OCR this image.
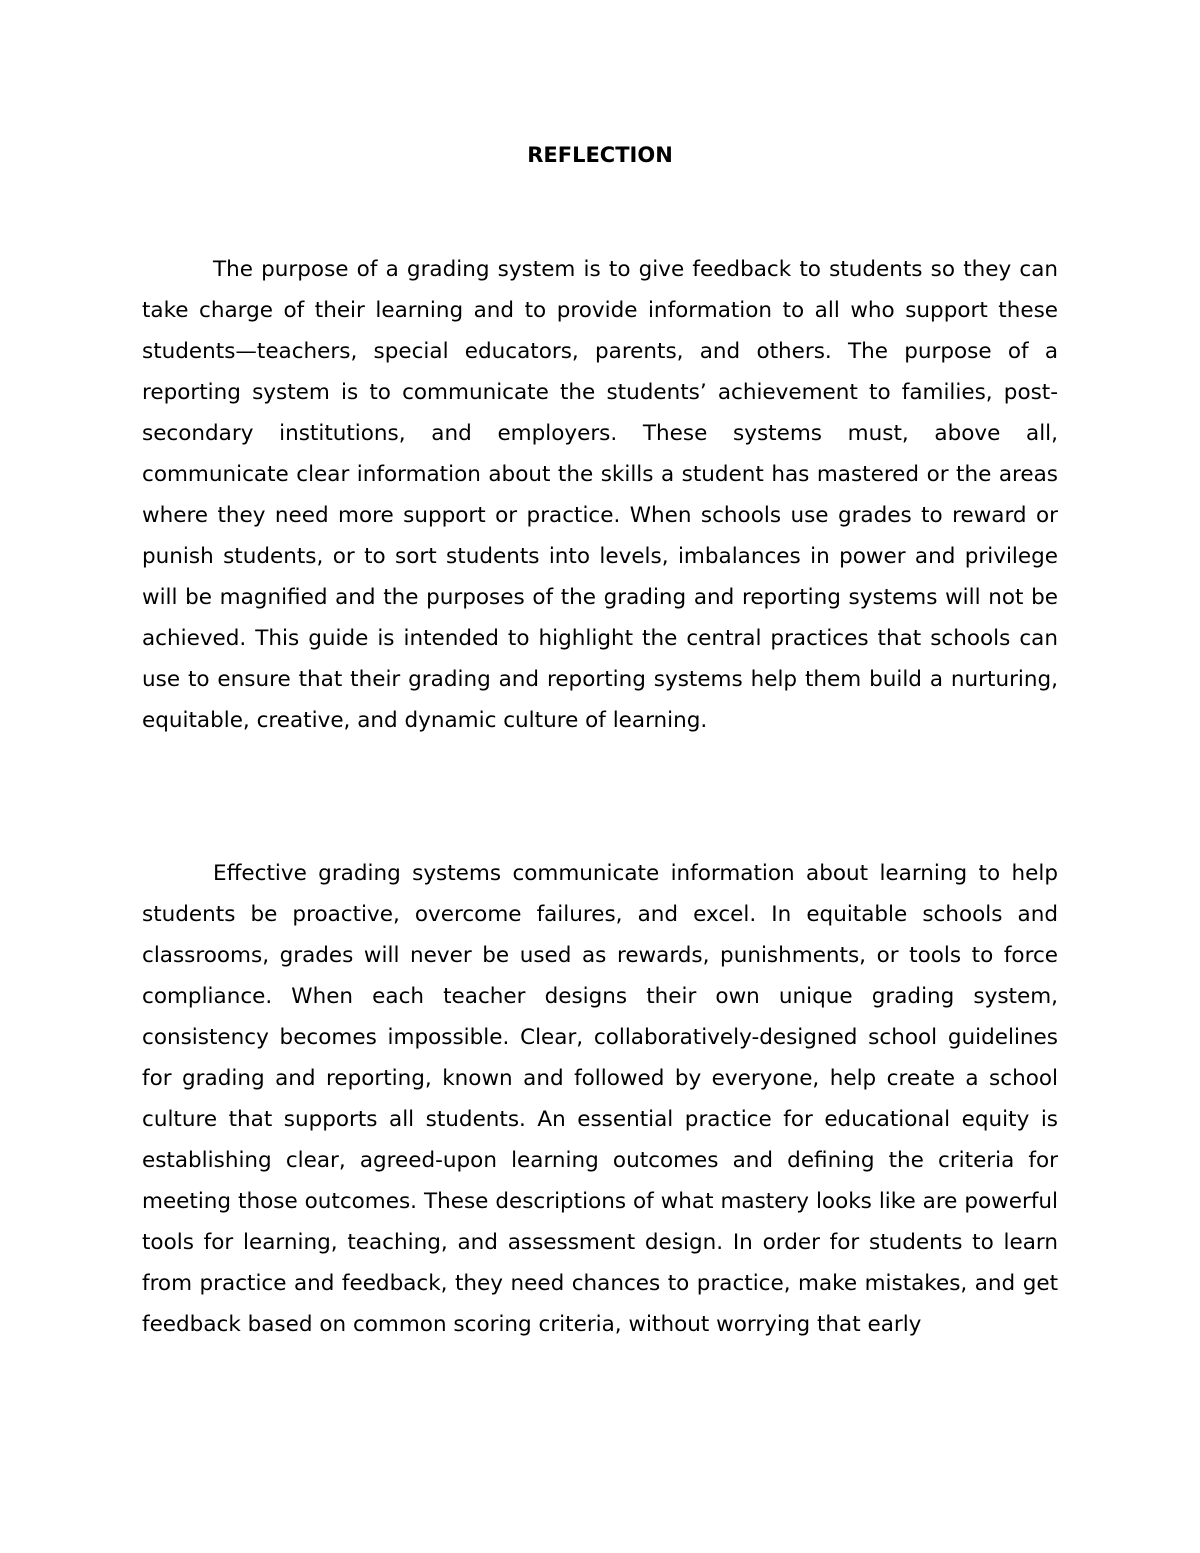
REFLECTION

The purpose of a grading system is to give feedback to students so they can take charge of their learning and to provide information to all who support these students—teachers, special educators, parents, and others. The purpose of a reporting system is to communicate the students’ achievement to families, post-secondary institutions, and employers. These systems must, above all, communicate clear information about the skills a student has mastered or the areas where they need more support or practice. When schools use grades to reward or punish students, or to sort students into levels, imbalances in power and privilege will be magnified and the purposes of the grading and reporting systems will not be achieved. This guide is intended to highlight the central practices that schools can use to ensure that their grading and reporting systems help them build a nurturing, equitable, creative, and dynamic culture of learning.

Effective grading systems communicate information about learning to help students be proactive, overcome failures, and excel. In equitable schools and classrooms, grades will never be used as rewards, punishments, or tools to force compliance. When each teacher designs their own unique grading system, consistency becomes impossible. Clear, collaboratively-designed school guidelines for grading and reporting, known and followed by everyone, help create a school culture that supports all students. An essential practice for educational equity is establishing clear, agreed-upon learning outcomes and defining the criteria for meeting those outcomes. These descriptions of what mastery looks like are powerful tools for learning, teaching, and assessment design. In order for students to learn from practice and feedback, they need chances to practice, make mistakes, and get feedback based on common scoring criteria, without worrying that early
